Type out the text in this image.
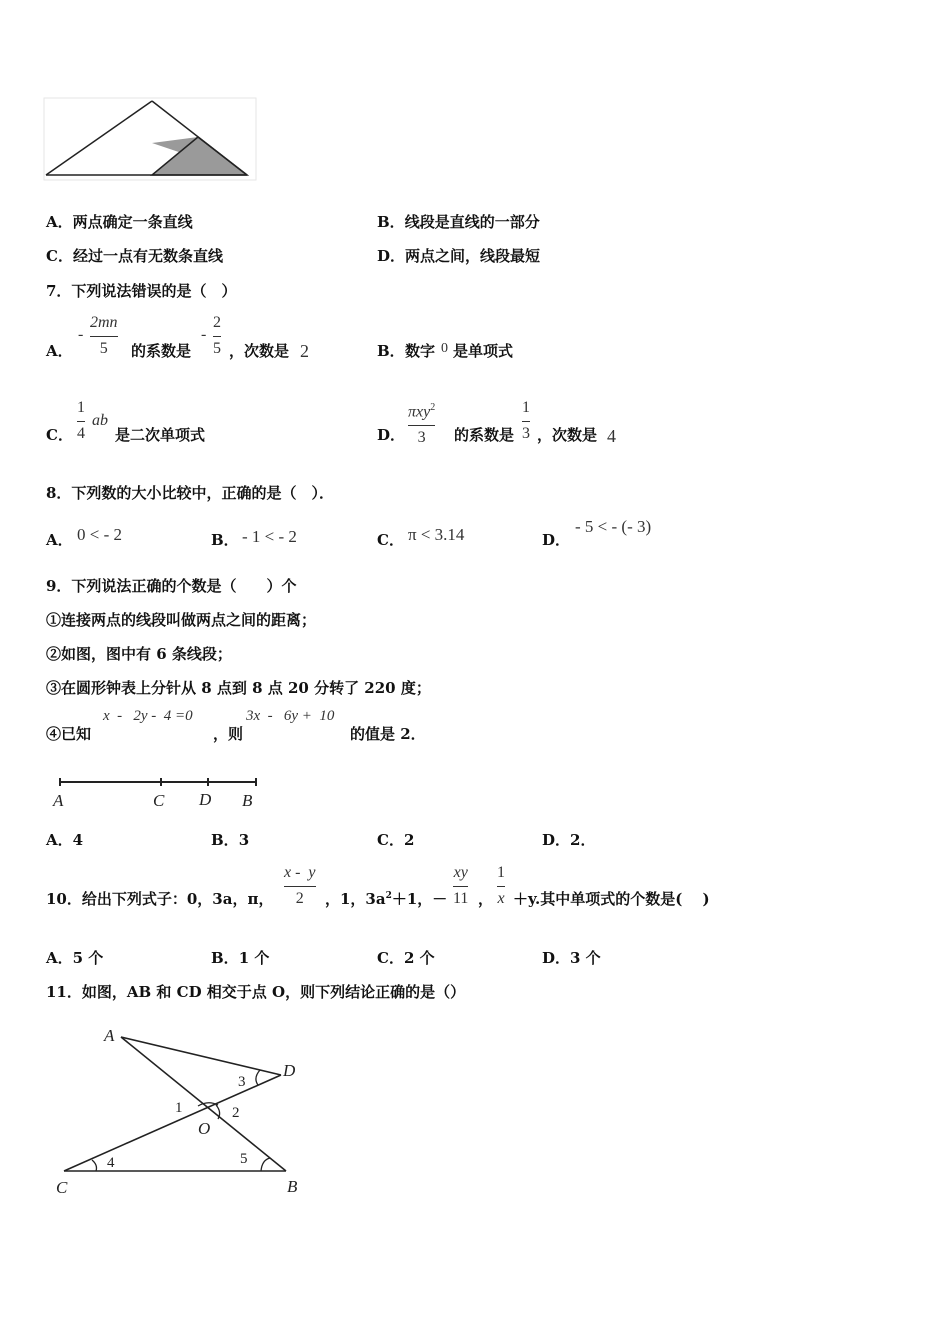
A．两点确定一条直线	B．线段是直线的一部分
C．经过一点有无数条直线	D．两点之间，线段最短
7．下列说法错误的是（　）
A．
-
2mn
5 的系数是
-
2
5 ，次数是 2	B． 数字 0 是单项式
C．
1
4
ab
是二次单项式	D．
πxy$^2$
3 的系数是
1
3 ，次数是 4
8．下列数的大小比较中，正确的是（　）．
A． 0 < - 2	B． - 1 < - 2	C． π < 3.14	D．
- 5 < - (- 3)
9．下列说法正确的个数是（　　）个
①连接两点的线段叫做两点之间的距离；
②如图，图中有 6 条线段；
③在圆形钟表上分针从 8 点到 8 点 20 分转了 220 度；
④已知
x  -   2y -  4 =0
，则
3x  -   6y +  10
的值是 2．
A	C D B
A．4	B．3	C．2	D．2．
10．给出下列式子：0，3a，π，
x -  y
2 ，1，$3a^2+1$，－
xy
11 ，
1
x ＋y.其中单项式的个数是(　 )
A．5 个	B．1 个	C．2 个	D．3 个
11．如图，AB 和 CD 相交于点 O，则下列结论正确的是（）
A
D
O
C	B
3
1	2
4	5
